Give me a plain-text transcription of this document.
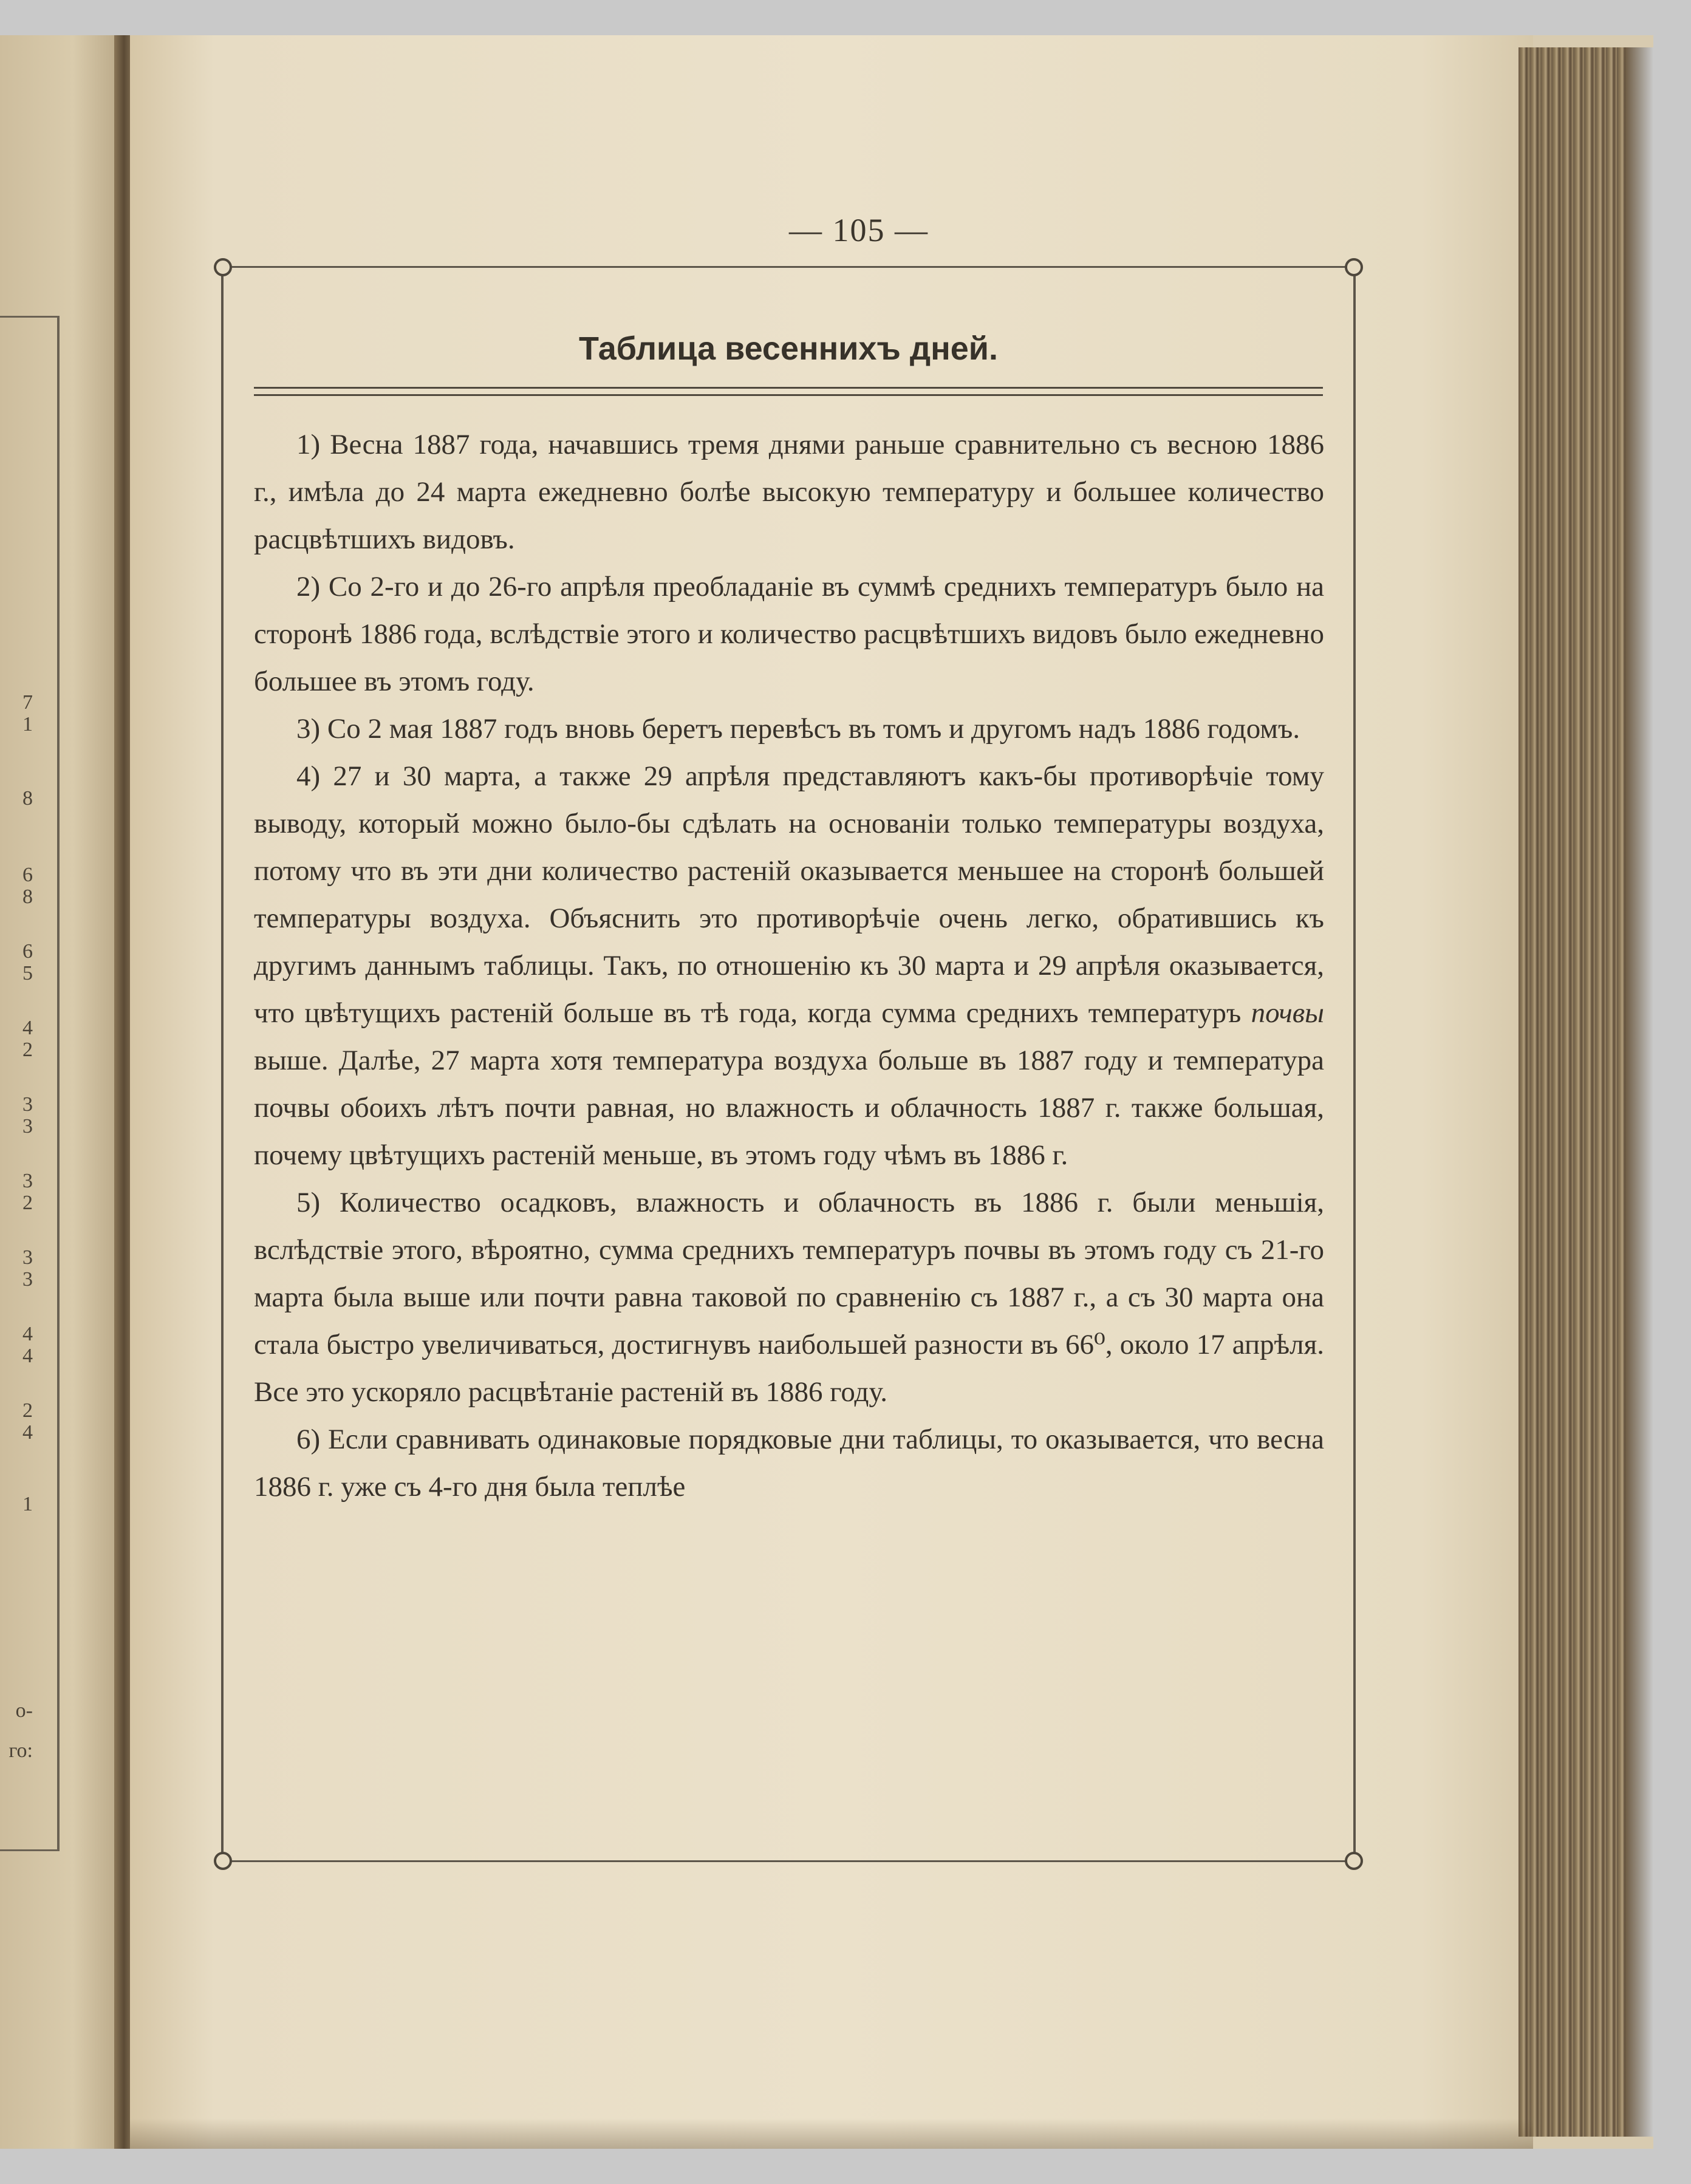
7
1
8
6
8
6
5
4
2
3
3
3
2
3
3
4
4
2
4
1
о-
го:
— 105 —
Таблица весеннихъ дней.

1) Весна 1887 года, начавшись тремя днями раньше сравнительно съ весною 1886 г., имѣла до 24 марта ежедневно болѣе высокую температуру и большее количество расцвѣтшихъ видовъ.

2) Со 2-го и до 26-го апрѣля преобладаніе въ суммѣ среднихъ температуръ было на сторонѣ 1886 года, вслѣдствіе этого и количество расцвѣтшихъ видовъ было ежедневно большее въ этомъ году.

3) Со 2 мая 1887 годъ вновь беретъ перевѣсъ въ томъ и другомъ надъ 1886 годомъ.

4) 27 и 30 марта, а также 29 апрѣля представляютъ какъ-бы противорѣчіе тому выводу, который можно было-бы сдѣлать на основаніи только температуры воздуха, потому что въ эти дни количество растеній оказывается меньшее на сторонѣ большей температуры воздуха. Объяснить это противорѣчіе очень легко, обратившись къ другимъ даннымъ таблицы. Такъ, по отношенію къ 30 марта и 29 апрѣля оказывается, что цвѣтущихъ растеній больше въ тѣ года, когда сумма среднихъ температуръ почвы выше. Далѣе, 27 марта хотя температура воздуха больше въ 1887 году и температура почвы обоихъ лѣтъ почти равная, но влажность и облачность 1887 г. также большая, почему цвѣтущихъ растеній меньше, въ этомъ году чѣмъ въ 1886 г.

5) Количество осадковъ, влажность и облачность въ 1886 г. были меньшія, вслѣдствіе этого, вѣроятно, сумма среднихъ температуръ почвы въ этомъ году съ 21-го марта была выше или почти равна таковой по сравненію съ 1887 г., а съ 30 марта она стала быстро увеличиваться, достигнувъ наибольшей разности въ 66⁰, около 17 апрѣля. Все это ускоряло расцвѣтаніе растеній въ 1886 году.

6) Если сравнивать одинаковые порядковые дни таблицы, то оказывается, что весна 1886 г. уже съ 4-го дня была теплѣе
